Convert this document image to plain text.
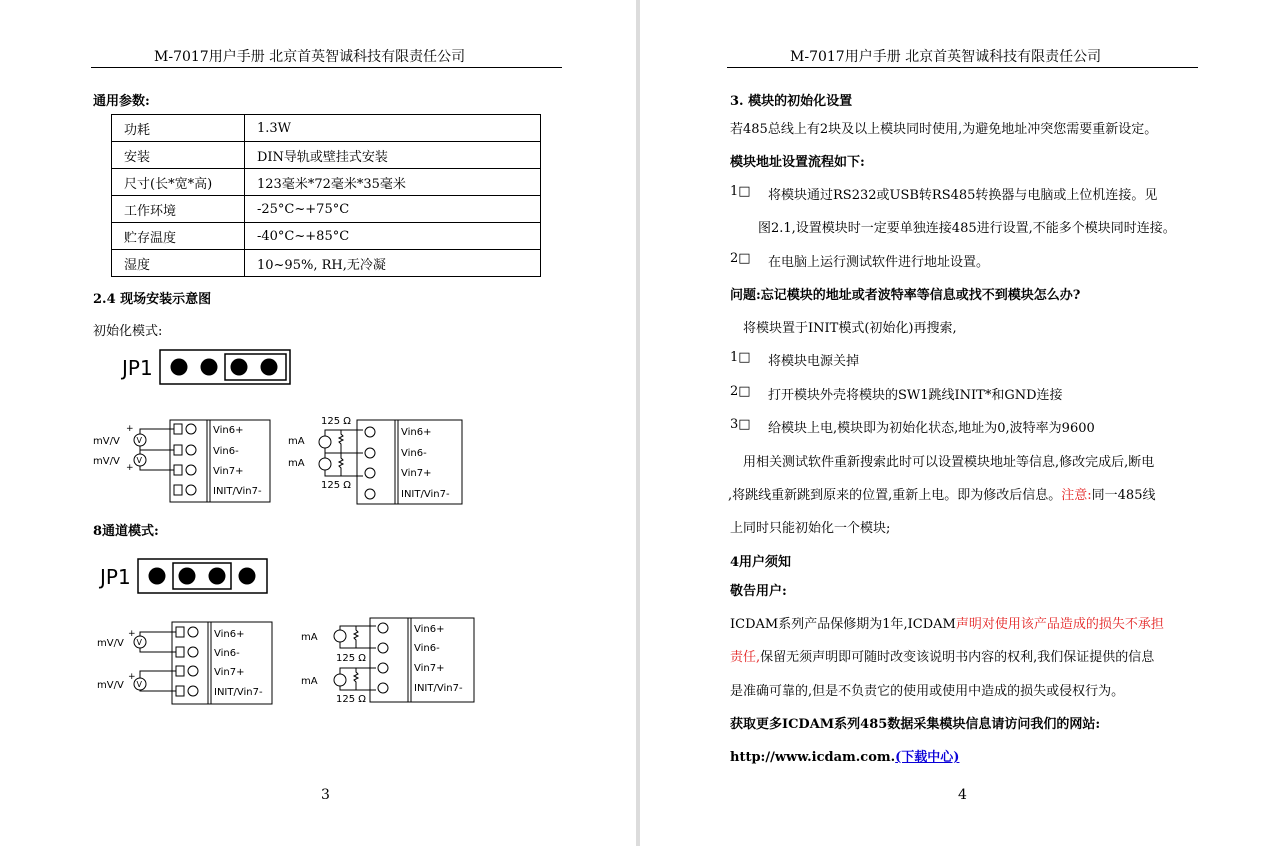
M-7017用户手册 北京首英智诚科技有限责任公司
通用参数:
功耗	1.3W
安装	DIN导轨或壁挂式安装
尺寸(长*宽*高)	123毫米*72毫米*35毫米
工作环境	-25°C~+75°C
贮存温度	-40°C~+85°C
湿度	10~95%, RH,无冷凝
2.4 现场安装示意图
初始化模式:
JP1
Vin6+
Vin6-
Vin7+
INIT/Vin7-
V
V
+
+
mV/V
mV/V
Vin6+
Vin6-
Vin7+
INIT/Vin7-
125 Ω
125 Ω
mA
mA
8通道模式:
JP1
Vin6+
Vin6-
Vin7+
INIT/Vin7-
V
V
+
+
mV/V
mV/V
Vin6+
Vin6-
Vin7+
INIT/Vin7-
125 Ω
125 Ω
mA
mA
3
M-7017用户手册 北京首英智诚科技有限责任公司
3. 模块的初始化设置
若485总线上有2块及以上模块同时使用,为避免地址冲突您需要重新设定。
模块地址设置流程如下:
1□ 将模块通过RS232或USB转RS485转换器与电脑或上位机连接。见
图2.1,设置模块时一定要单独连接485进行设置,不能多个模块同时连接。
2□ 在电脑上运行测试软件进行地址设置。
问题:忘记模块的地址或者波特率等信息或找不到模块怎么办?
将模块置于INIT模式(初始化)再搜索,
1□ 将模块电源关掉
2□ 打开模块外壳将模块的SW1跳线INIT*和GND连接
3□ 给模块上电,模块即为初始化状态,地址为0,波特率为9600
用相关测试软件重新搜索此时可以设置模块地址等信息,修改完成后,断电
,将跳线重新跳到原来的位置,重新上电。即为修改后信息。注意:同一485线
上同时只能初始化一个模块;
4用户须知
敬告用户:
ICDAM系列产品保修期为1年,ICDAM声明对使用该产品造成的损失不承担
责任,保留无须声明即可随时改变该说明书内容的权利,我们保证提供的信息
是准确可靠的,但是不负责它的使用或使用中造成的损失或侵权行为。
获取更多ICDAM系列485数据采集模块信息请访问我们的网站:
http://www.icdam.com.(下载中心)
4
